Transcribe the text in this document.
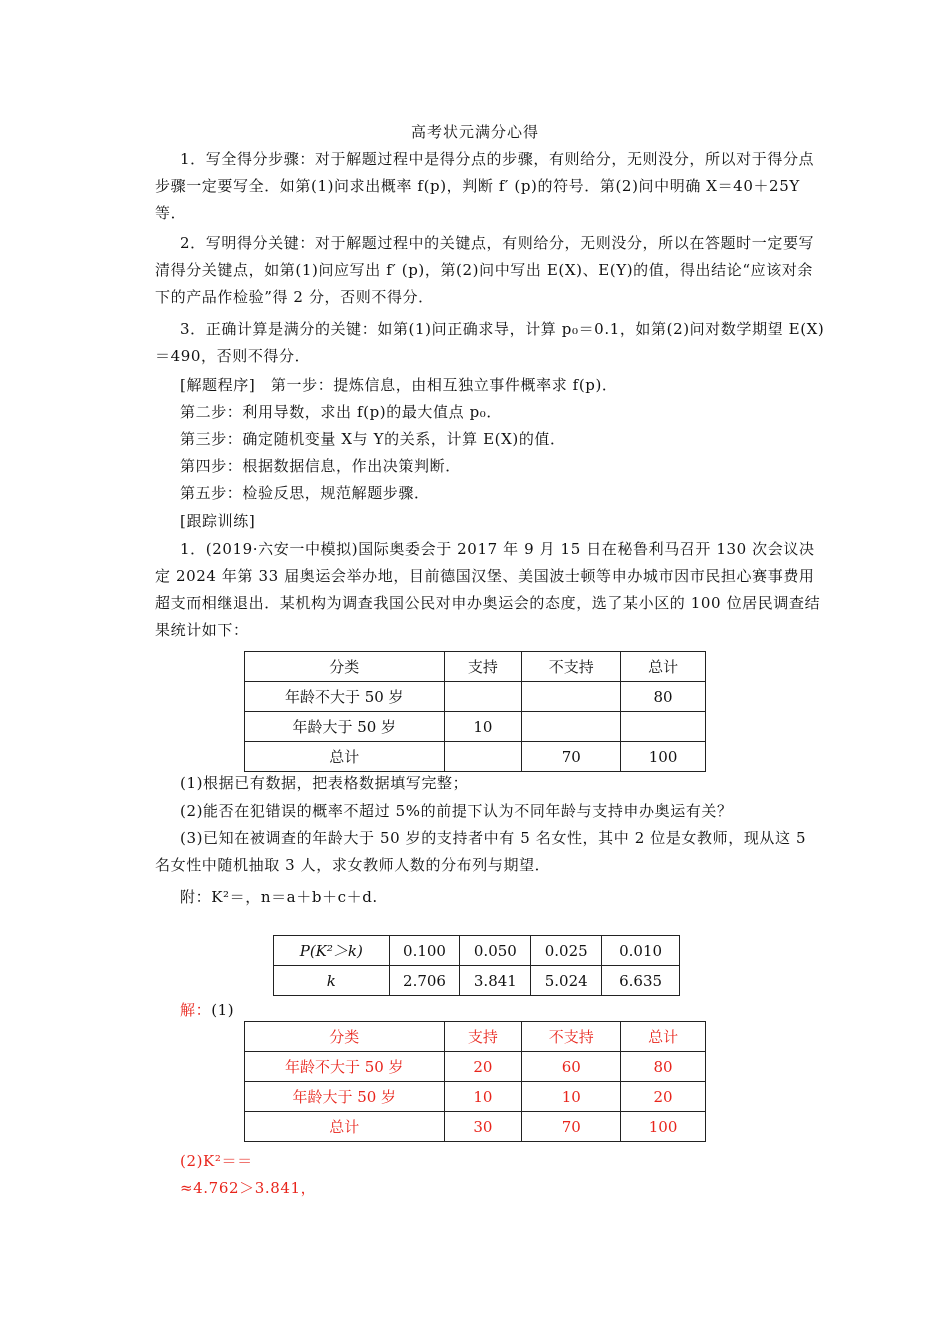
高考状元满分心得
1．写全得分步骤：对于解题过程中是得分点的步骤，有则给分，无则没分，所以对于得分点步骤一定要写全．如第(1)问求出概率 f(p)，判断 f′ (p)的符号．第(2)问中明确 X＝40＋25Y等．
2．写明得分关键：对于解题过程中的关键点，有则给分，无则没分，所以在答题时一定要写清得分关键点，如第(1)问应写出 f′ (p)，第(2)问中写出 E(X)、E(Y)的值，得出结论“应该对余下的产品作检验”得 2 分，否则不得分．
3．正确计算是满分的关键：如第(1)问正确求导，计算 p₀＝0.1，如第(2)问对数学期望 E(X)＝490，否则不得分．
[解题程序]　第一步：提炼信息，由相互独立事件概率求 f(p)．
第二步：利用导数，求出 f(p)的最大值点 p₀．
第三步：确定随机变量 X与 Y的关系，计算 E(X)的值．
第四步：根据数据信息，作出决策判断．
第五步：检验反思，规范解题步骤．
[跟踪训练]
1．(2019·六安一中模拟)国际奥委会于 2017 年 9 月 15 日在秘鲁利马召开 130 次会议决定 2024 年第 33 届奥运会举办地，目前德国汉堡、美国波士顿等申办城市因市民担心赛事费用超支而相继退出．某机构为调查我国公民对申办奥运会的态度，选了某小区的 100 位居民调查结果统计如下：
分类	支持	不支持	总计
年龄不大于 50 岁			80
年龄大于 50 岁	10		
总计		70	100
(1)根据已有数据，把表格数据填写完整；
(2)能否在犯错误的概率不超过 5%的前提下认为不同年龄与支持申办奥运有关？
(3)已知在被调查的年龄大于 50 岁的支持者中有 5 名女性，其中 2 位是女教师，现从这 5 名女性中随机抽取 3 人，求女教师人数的分布列与期望．
附：K²＝，n＝a＋b＋c＋d.
P(K²＞k)	0.100	0.050	0.025	0.010
k	2.706	3.841	5.024	6.635
解：(1)
分类	支持	不支持	总计
年龄不大于 50 岁	20	60	80
年龄大于 50 岁	10	10	20
总计	30	70	100
(2)K²＝＝
≈4.762＞3.841，
